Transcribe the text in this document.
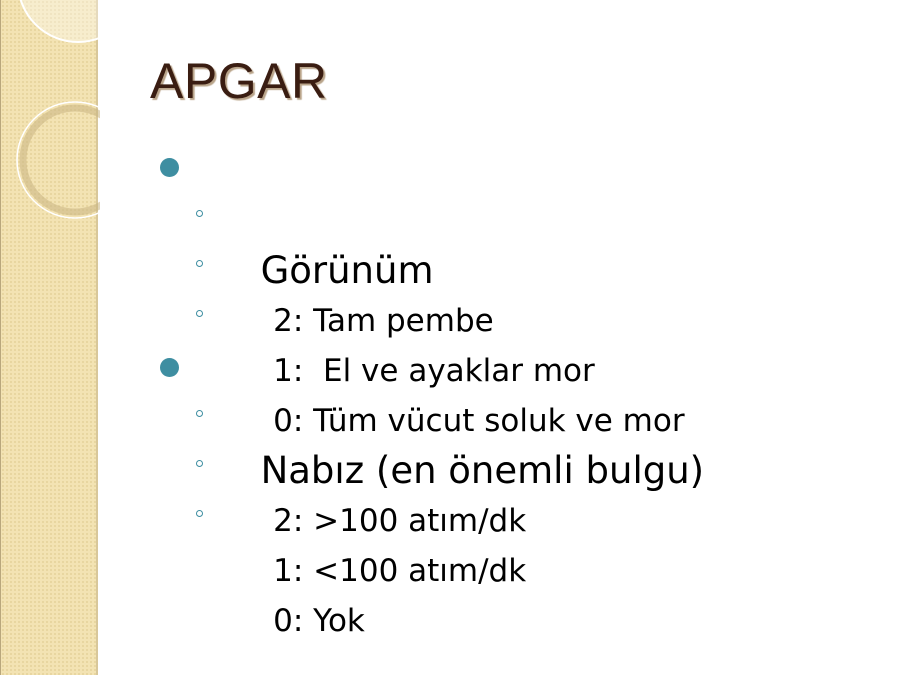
APGAR

Görünüm

2: Tam pembe

1:  El ve ayaklar mor

0: Tüm vücut soluk ve mor

Nabız (en önemli bulgu)

2: >100 atım/dk

1: <100 atım/dk

0: Yok
